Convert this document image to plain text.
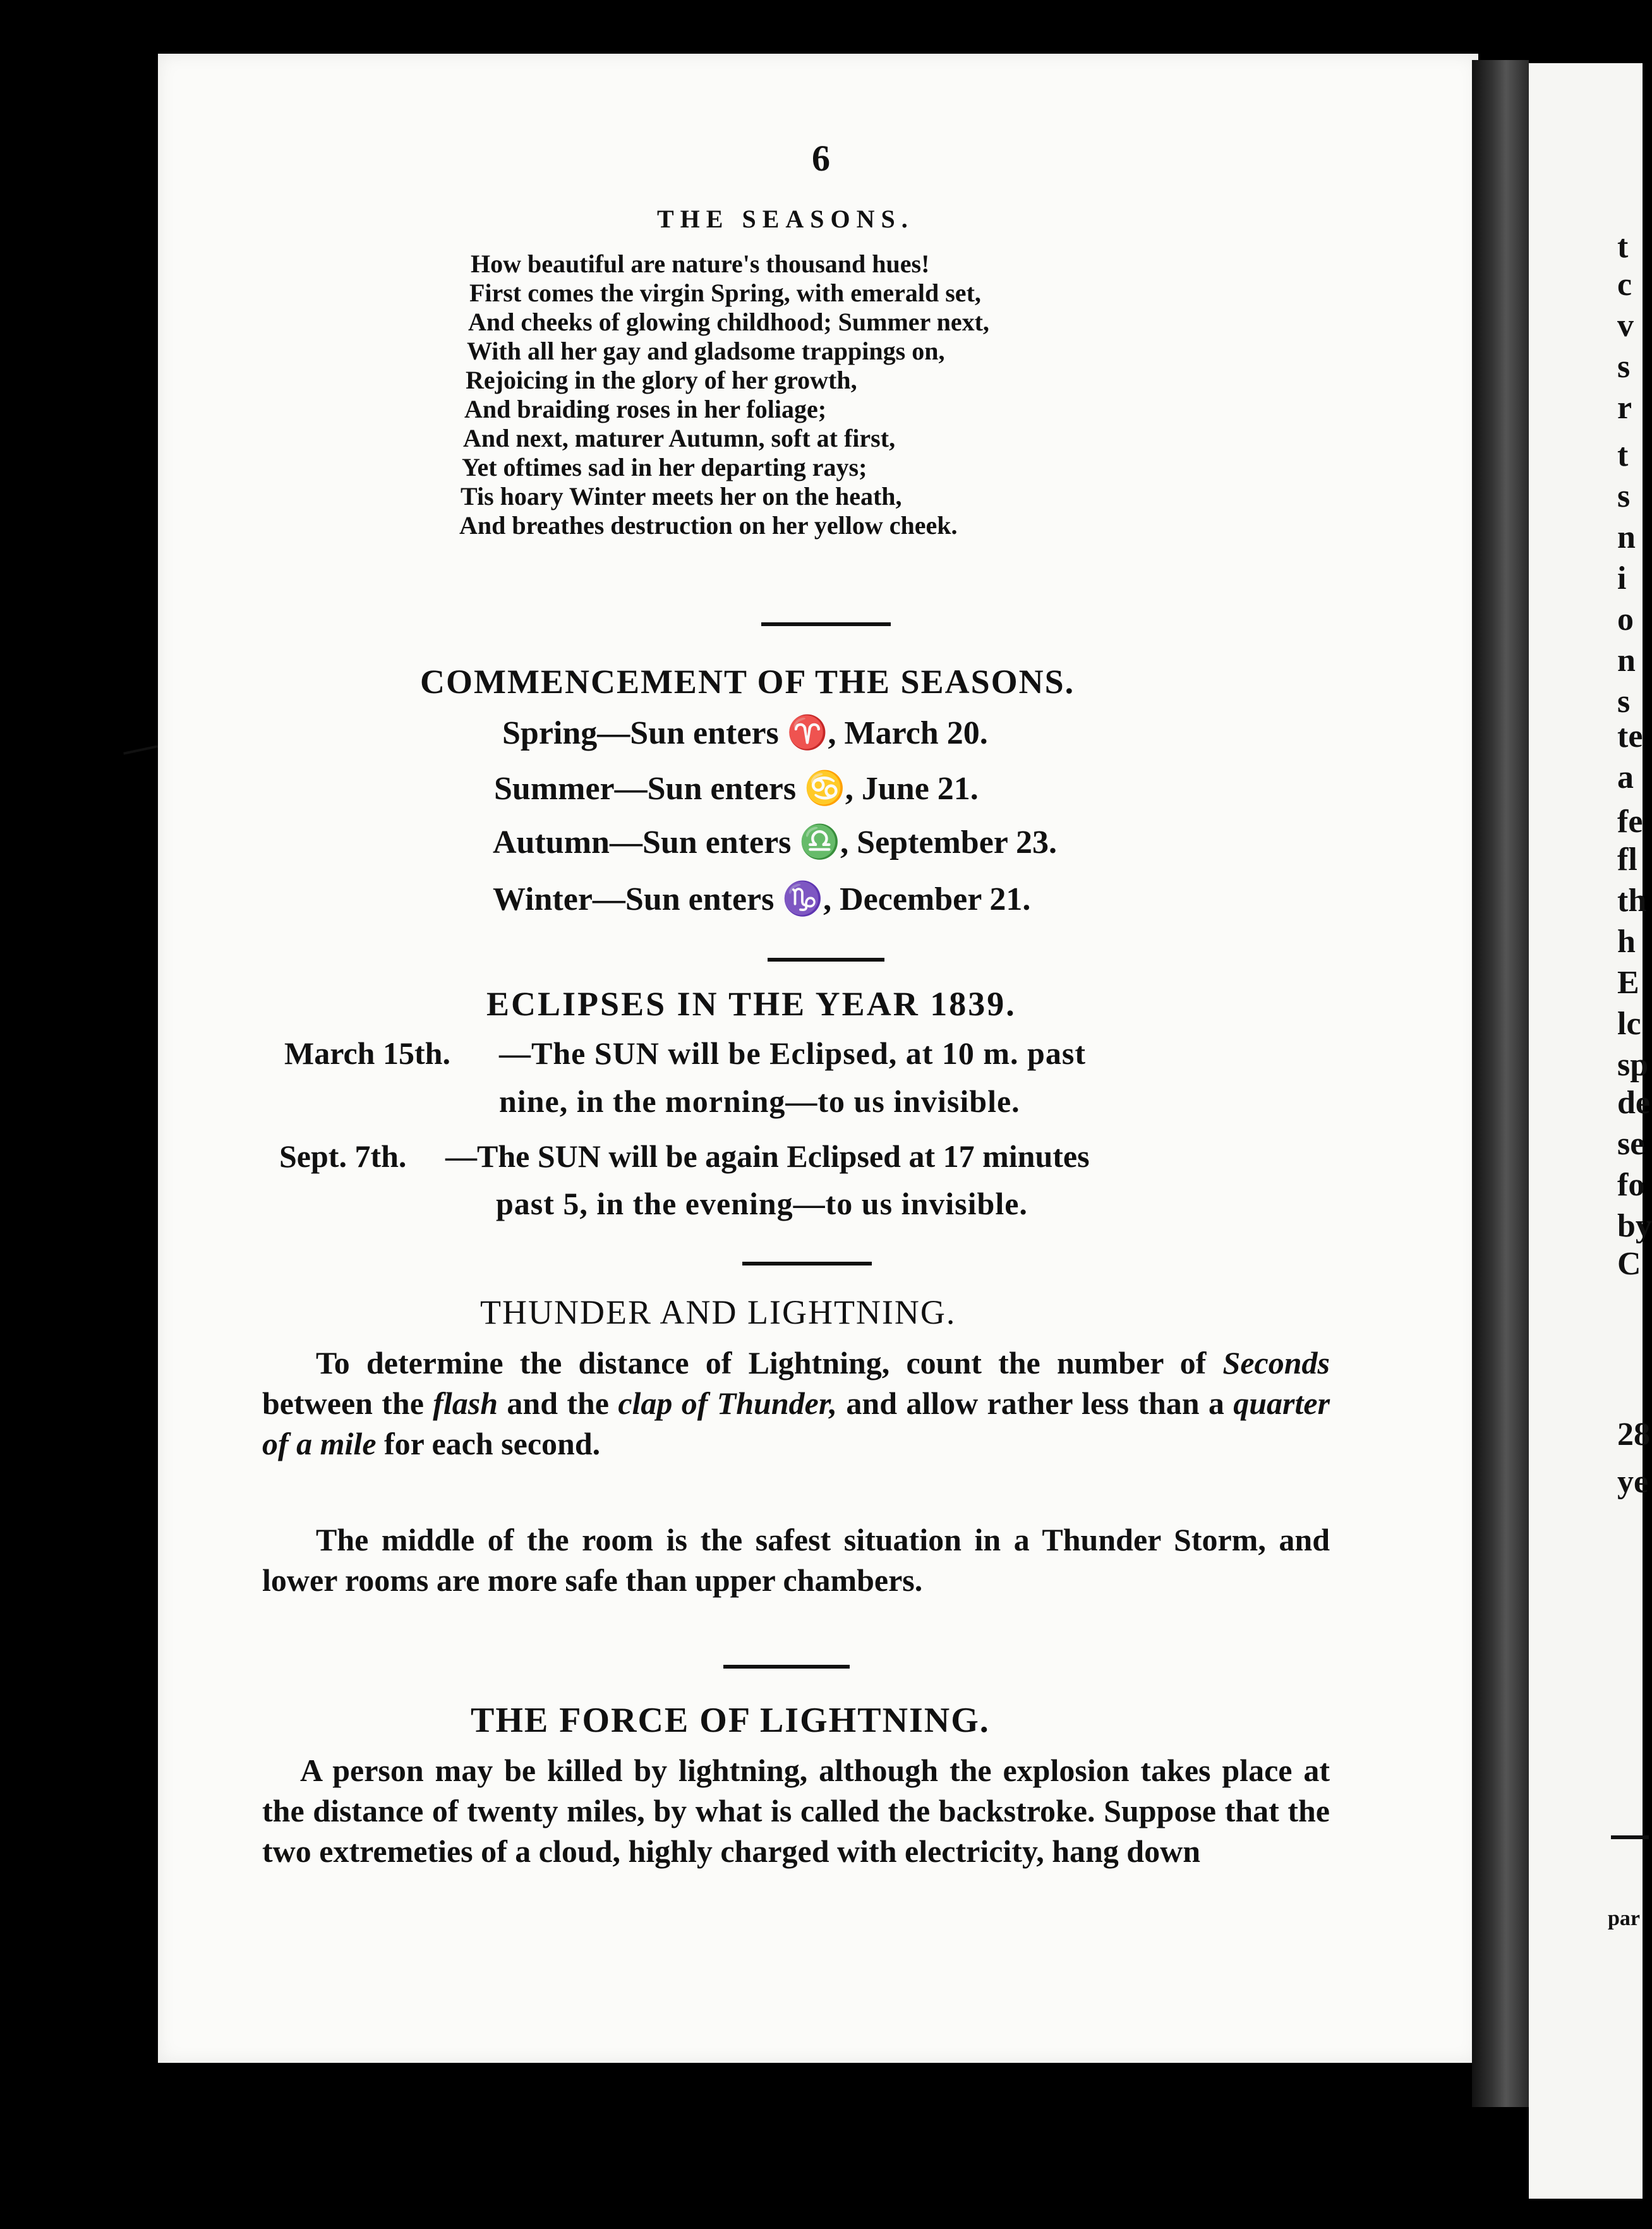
t
c
v
s
r
t
s
n
i
o
n
s
te
a
fe
fl
th
h
E
lc
sp
de
se
fo
by
C
28
ye
par
6
THE SEASONS.
How beautiful are nature's thousand hues!
First comes the virgin Spring, with emerald set,
And cheeks of glowing childhood; Summer next,
With all her gay and gladsome trappings on,
Rejoicing in the glory of her growth,
And braiding roses in her foliage;
And next, maturer Autumn, soft at first,
Yet oftimes sad in her departing rays;
Tis hoary Winter meets her on the heath,
And breathes destruction on her yellow cheek.
COMMENCEMENT OF THE SEASONS.
Spring—Sun enters ♈, March 20.
Summer—Sun enters ♋, June 21.
Autumn—Sun enters ♎, September 23.
Winter—Sun enters ♑, December 21.
ECLIPSES IN THE YEAR 1839.
March 15th. —The SUN will be Eclipsed, at 10 m. past
nine, in the morning—to us invisible.
Sept. 7th. —The SUN will be again Eclipsed at 17 minutes
past 5, in the evening—to us invisible.
THUNDER AND LIGHTNING.
To determine the distance of Lightning, count the number of Seconds between the flash and the clap of Thunder, and allow rather less than a quarter of a mile for each second.
The middle of the room is the safest situation in a Thunder Storm, and lower rooms are more safe than upper chambers.
THE FORCE OF LIGHTNING.
A person may be killed by lightning, although the explosion takes place at the distance of twenty miles, by what is called the backstroke. Suppose that the two extremeties of a cloud, highly charged with electricity, hang down
